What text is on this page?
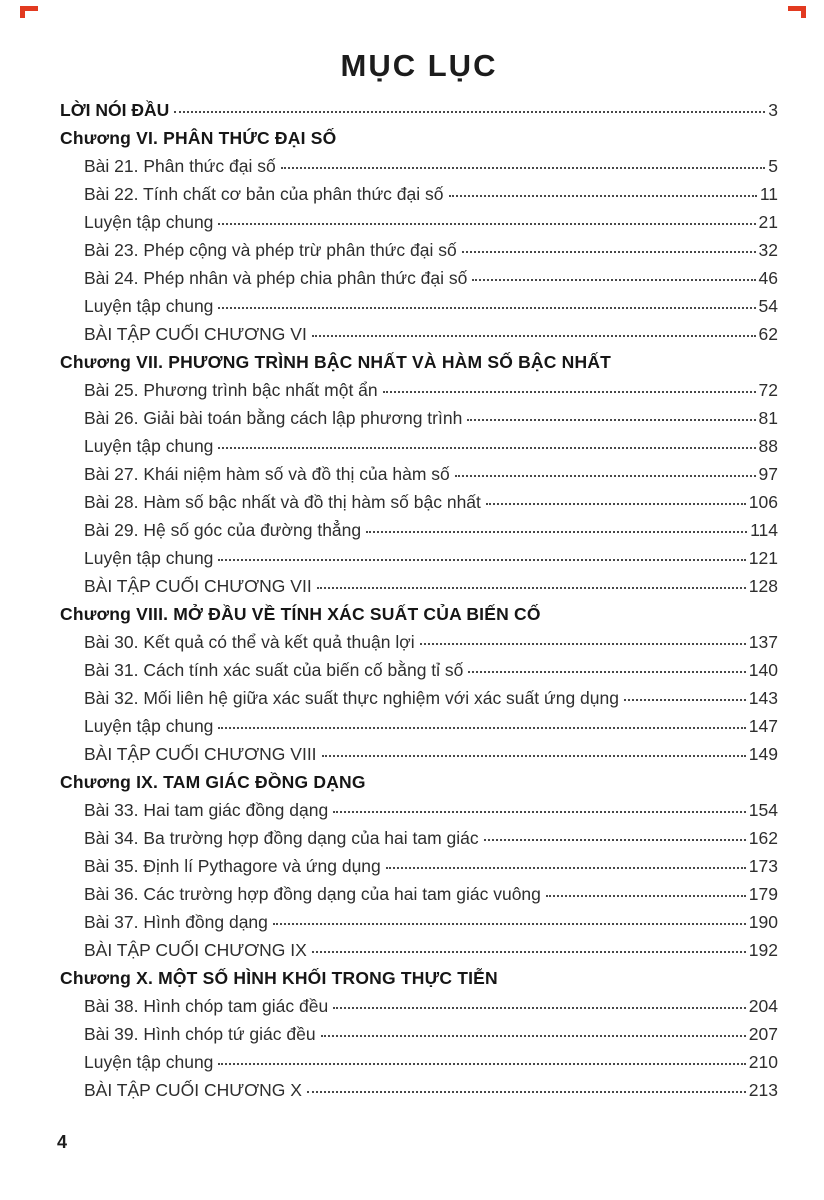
MỤC LỤC
LỜI NÓI ĐẦU	3
Chương VI. PHÂN THỨC ĐẠI SỐ
Bài 21. Phân thức đại số	5
Bài 22. Tính chất cơ bản của phân thức đại số	11
Luyện tập chung	21
Bài 23. Phép cộng và phép trừ phân thức đại số	32
Bài 24. Phép nhân và phép chia phân thức đại số	46
Luyện tập chung	54
BÀI TẬP CUỐI CHƯƠNG VI	62
Chương VII. PHƯƠNG TRÌNH BẬC NHẤT VÀ HÀM SỐ BẬC NHẤT
Bài 25. Phương trình bậc nhất một ẩn	72
Bài 26. Giải bài toán bằng cách lập phương trình	81
Luyện tập chung	88
Bài 27. Khái niệm hàm số và đồ thị của hàm số	97
Bài 28. Hàm số bậc nhất và đồ thị hàm số bậc nhất	106
Bài 29. Hệ số góc của đường thẳng	114
Luyện tập chung	121
BÀI TẬP CUỐI CHƯƠNG VII	128
Chương VIII. MỞ ĐẦU VỀ TÍNH XÁC SUẤT CỦA BIẾN CỐ
Bài 30. Kết quả có thể và kết quả thuận lợi	137
Bài 31. Cách tính xác suất của biến cố bằng tỉ số	140
Bài 32. Mối liên hệ giữa xác suất thực nghiệm với xác suất ứng dụng	143
Luyện tập chung	147
BÀI TẬP CUỐI CHƯƠNG VIII	149
Chương IX. TAM GIÁC ĐỒNG DẠNG
Bài 33. Hai tam giác đồng dạng	154
Bài 34. Ba trường hợp đồng dạng của hai tam giác	162
Bài 35. Định lí Pythagore và ứng dụng	173
Bài 36. Các trường hợp đồng dạng của hai tam giác vuông	179
Bài 37. Hình đồng dạng	190
BÀI TẬP CUỐI CHƯƠNG IX	192
Chương X. MỘT SỐ HÌNH KHỐI TRONG THỰC TIỄN
Bài 38. Hình chóp tam giác đều	204
Bài 39. Hình chóp tứ giác đều	207
Luyện tập chung	210
BÀI TẬP CUỐI CHƯƠNG X	213
4
